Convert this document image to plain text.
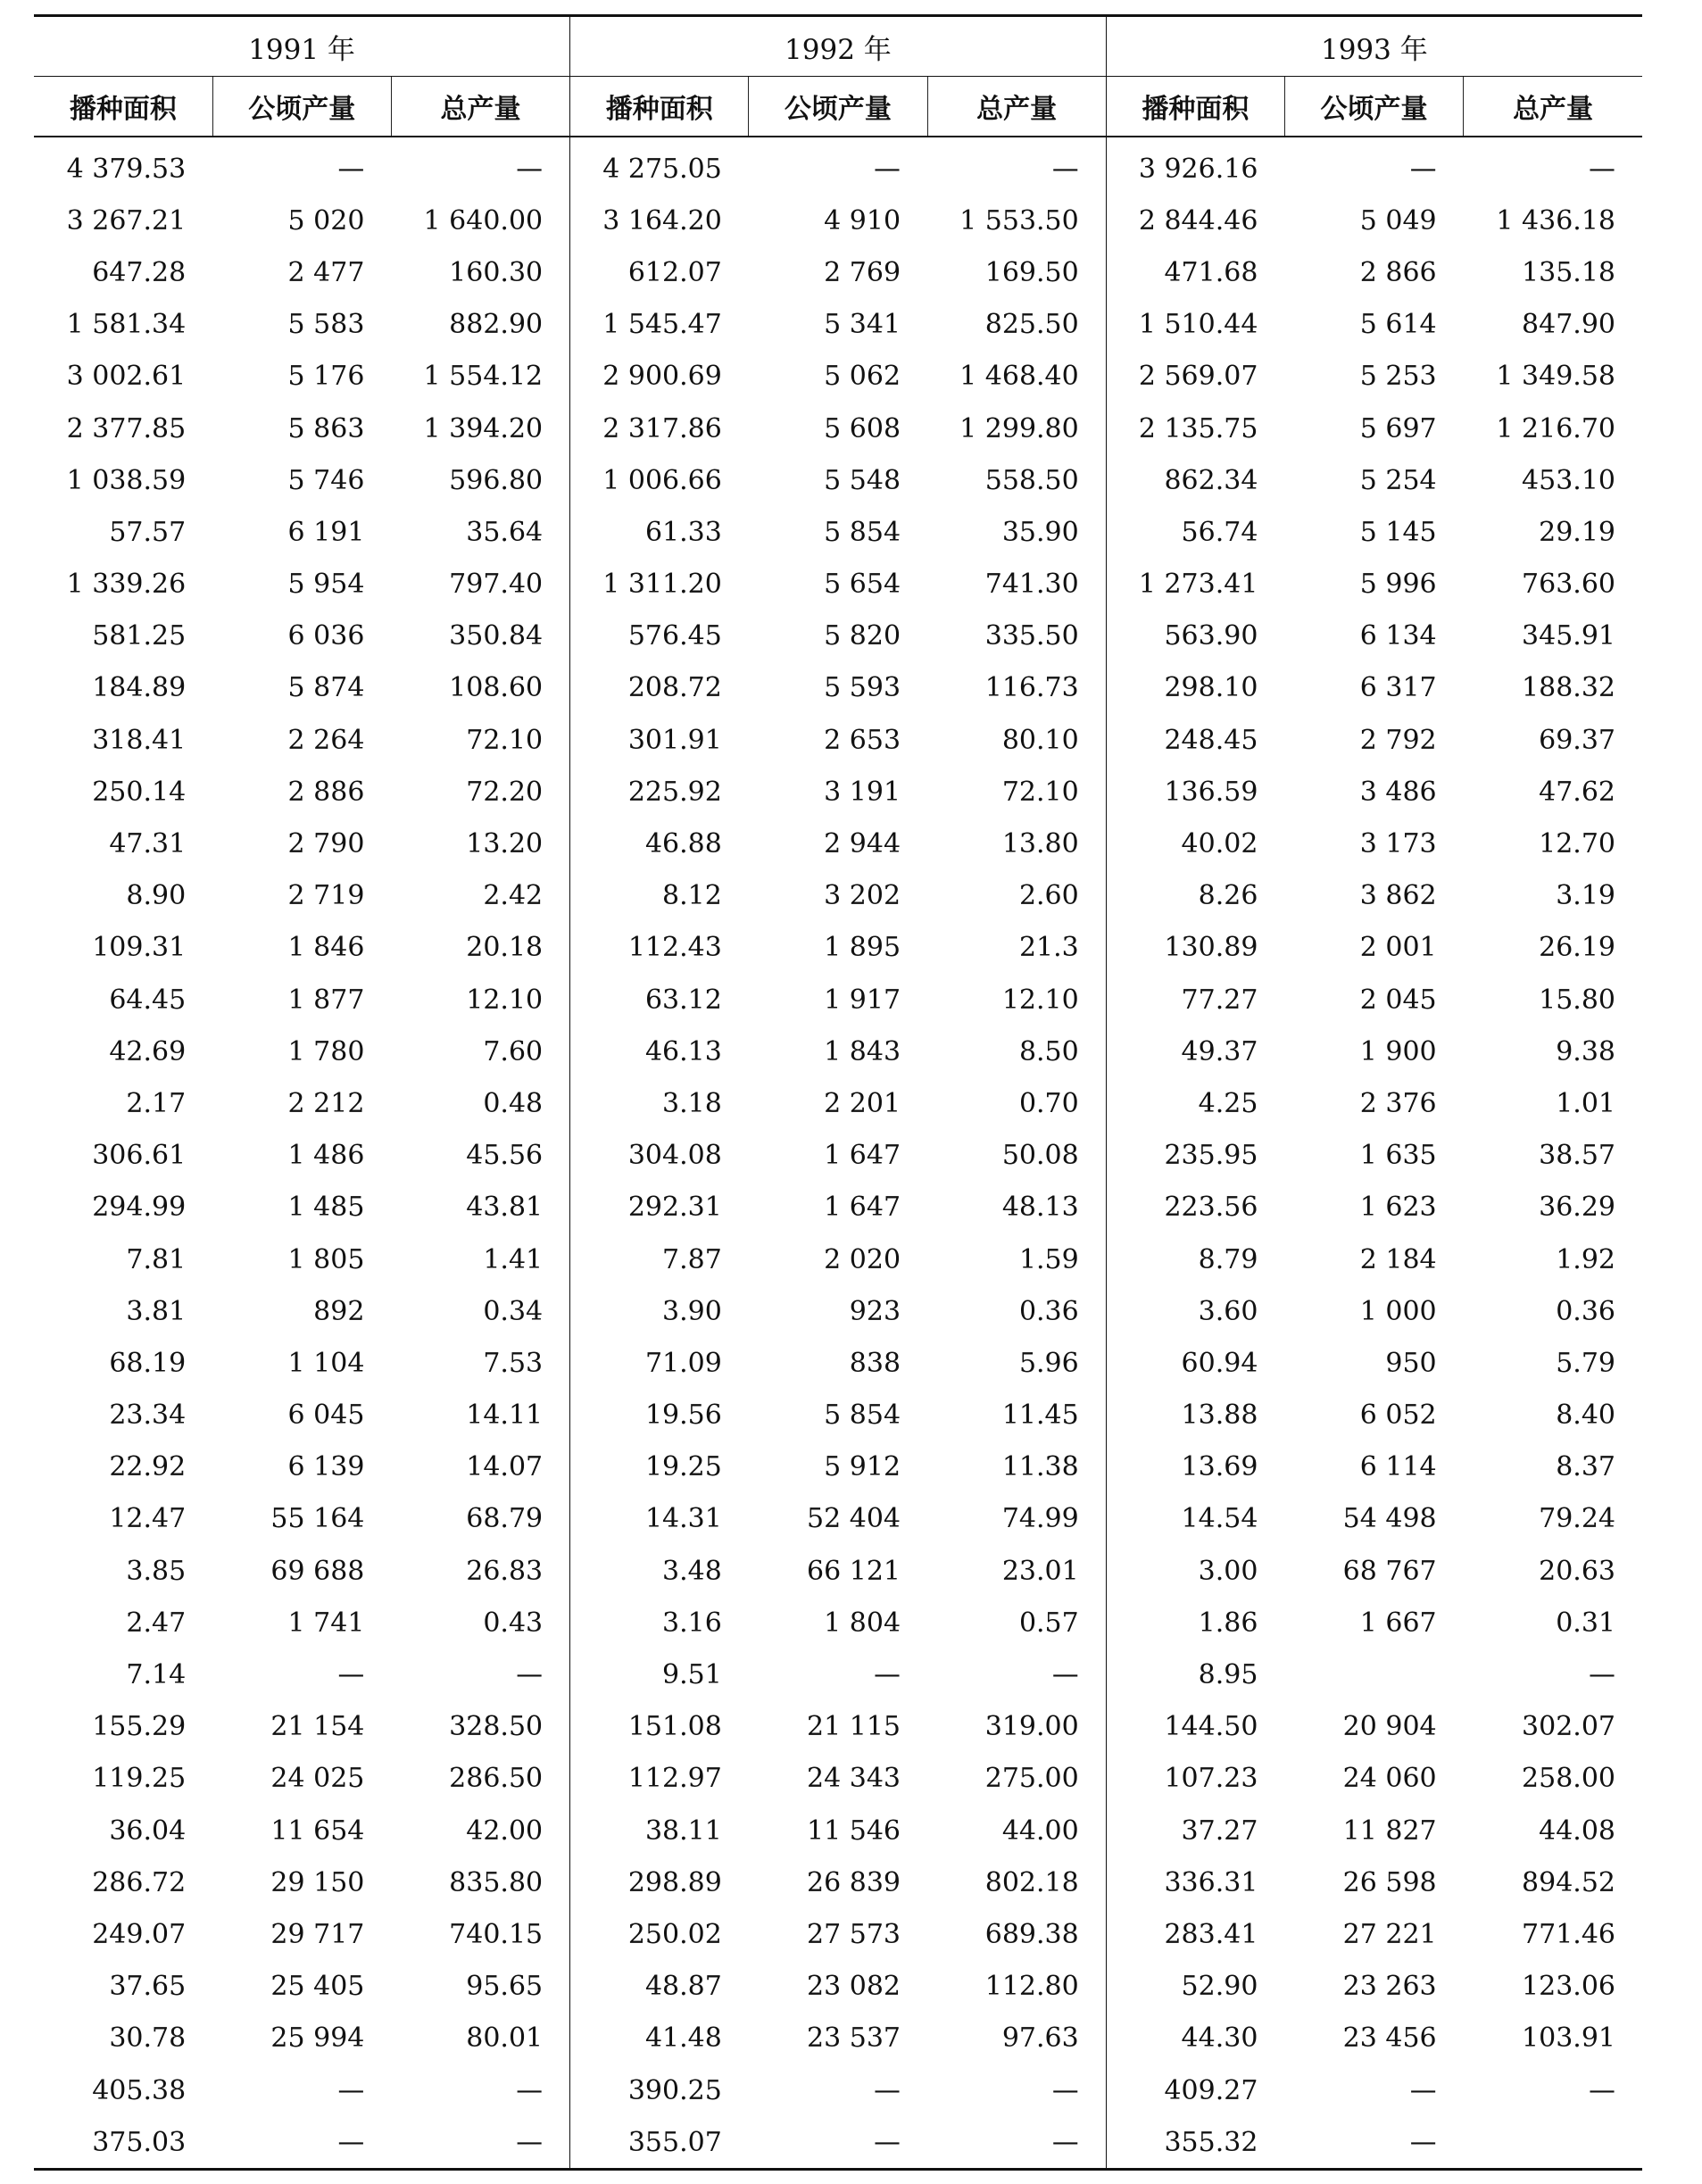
1991 年			1992 年			1993 年		
播种面积	公顷产量	总产量	播种面积	公顷产量	总产量	播种面积	公顷产量	总产量
4 379.53	—	—	4 275.05	—	—	3 926.16	—	—
3 267.21	5 020	1 640.00	3 164.20	4 910	1 553.50	2 844.46	5 049	1 436.18
647.28	2 477	160.30	612.07	2 769	169.50	471.68	2 866	135.18
1 581.34	5 583	882.90	1 545.47	5 341	825.50	1 510.44	5 614	847.90
3 002.61	5 176	1 554.12	2 900.69	5 062	1 468.40	2 569.07	5 253	1 349.58
2 377.85	5 863	1 394.20	2 317.86	5 608	1 299.80	2 135.75	5 697	1 216.70
1 038.59	5 746	596.80	1 006.66	5 548	558.50	862.34	5 254	453.10
57.57	6 191	35.64	61.33	5 854	35.90	56.74	5 145	29.19
1 339.26	5 954	797.40	1 311.20	5 654	741.30	1 273.41	5 996	763.60
581.25	6 036	350.84	576.45	5 820	335.50	563.90	6 134	345.91
184.89	5 874	108.60	208.72	5 593	116.73	298.10	6 317	188.32
318.41	2 264	72.10	301.91	2 653	80.10	248.45	2 792	69.37
250.14	2 886	72.20	225.92	3 191	72.10	136.59	3 486	47.62
47.31	2 790	13.20	46.88	2 944	13.80	40.02	3 173	12.70
8.90	2 719	2.42	8.12	3 202	2.60	8.26	3 862	3.19
109.31	1 846	20.18	112.43	1 895	21.3	130.89	2 001	26.19
64.45	1 877	12.10	63.12	1 917	12.10	77.27	2 045	15.80
42.69	1 780	7.60	46.13	1 843	8.50	49.37	1 900	9.38
2.17	2 212	0.48	3.18	2 201	0.70	4.25	2 376	1.01
306.61	1 486	45.56	304.08	1 647	50.08	235.95	1 635	38.57
294.99	1 485	43.81	292.31	1 647	48.13	223.56	1 623	36.29
7.81	1 805	1.41	7.87	2 020	1.59	8.79	2 184	1.92
3.81	892	0.34	3.90	923	0.36	3.60	1 000	0.36
68.19	1 104	7.53	71.09	838	5.96	60.94	950	5.79
23.34	6 045	14.11	19.56	5 854	11.45	13.88	6 052	8.40
22.92	6 139	14.07	19.25	5 912	11.38	13.69	6 114	8.37
12.47	55 164	68.79	14.31	52 404	74.99	14.54	54 498	79.24
3.85	69 688	26.83	3.48	66 121	23.01	3.00	68 767	20.63
2.47	1 741	0.43	3.16	1 804	0.57	1.86	1 667	0.31
7.14	—	—	9.51	—	—	8.95		—
155.29	21 154	328.50	151.08	21 115	319.00	144.50	20 904	302.07
119.25	24 025	286.50	112.97	24 343	275.00	107.23	24 060	258.00
36.04	11 654	42.00	38.11	11 546	44.00	37.27	11 827	44.08
286.72	29 150	835.80	298.89	26 839	802.18	336.31	26 598	894.52
249.07	29 717	740.15	250.02	27 573	689.38	283.41	27 221	771.46
37.65	25 405	95.65	48.87	23 082	112.80	52.90	23 263	123.06
30.78	25 994	80.01	41.48	23 537	97.63	44.30	23 456	103.91
405.38	—	—	390.25	—	—	409.27	—	—
375.03	—	—	355.07	—	—	355.32	—	
